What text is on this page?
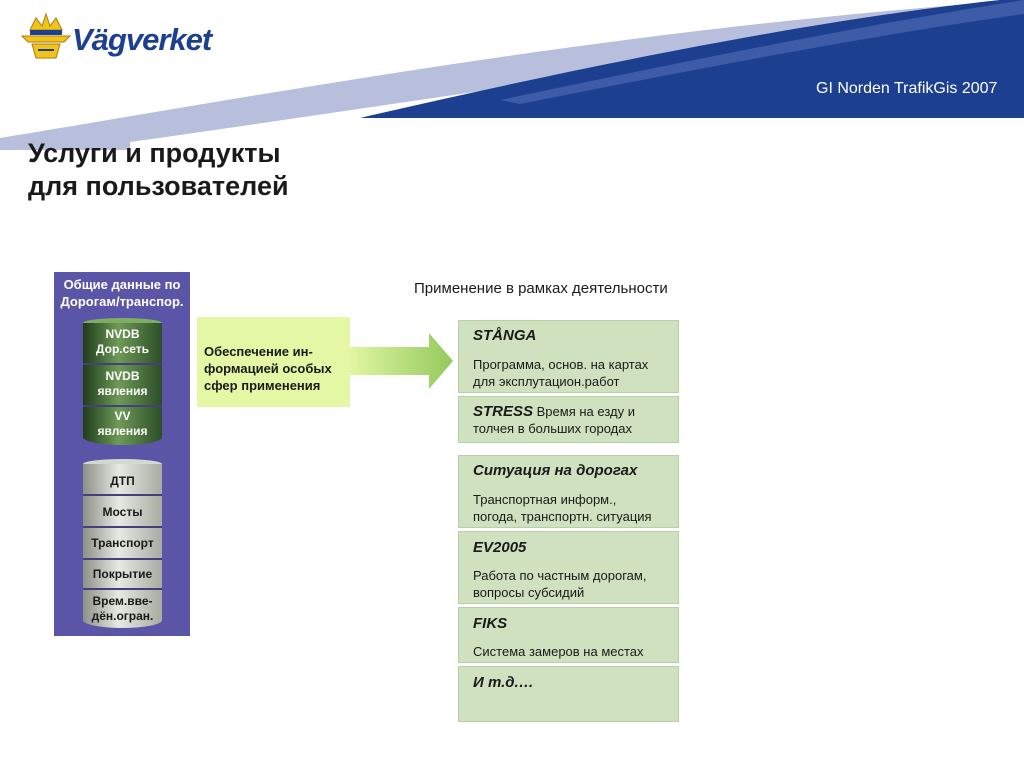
Vägverket
GI Norden TrafikGis 2007
Услуги и продукты
для пользователей
Общие данные по
Дорогам/транспор.
NVDB
Дор.сеть
NVDB
явления
VV
явления
ДТП
Мосты
Транспорт
Покрытие
Врем.вве-
дён.огран.
Обеспечение ин-
формацией особых
сфер применения
Применение в рамках деятельности
STÅNGA
Программа, основ. на картах
для эксплутацион.работ
STRESS Время на езду и
толчея в больших городах
Ситуация на дорогах
Транспортная информ.,
погода, транспортн. ситуация
EV2005
Работа по частным дорогам,
вопросы субсидий
FIKS
Система замеров на местах
И т.д.…
